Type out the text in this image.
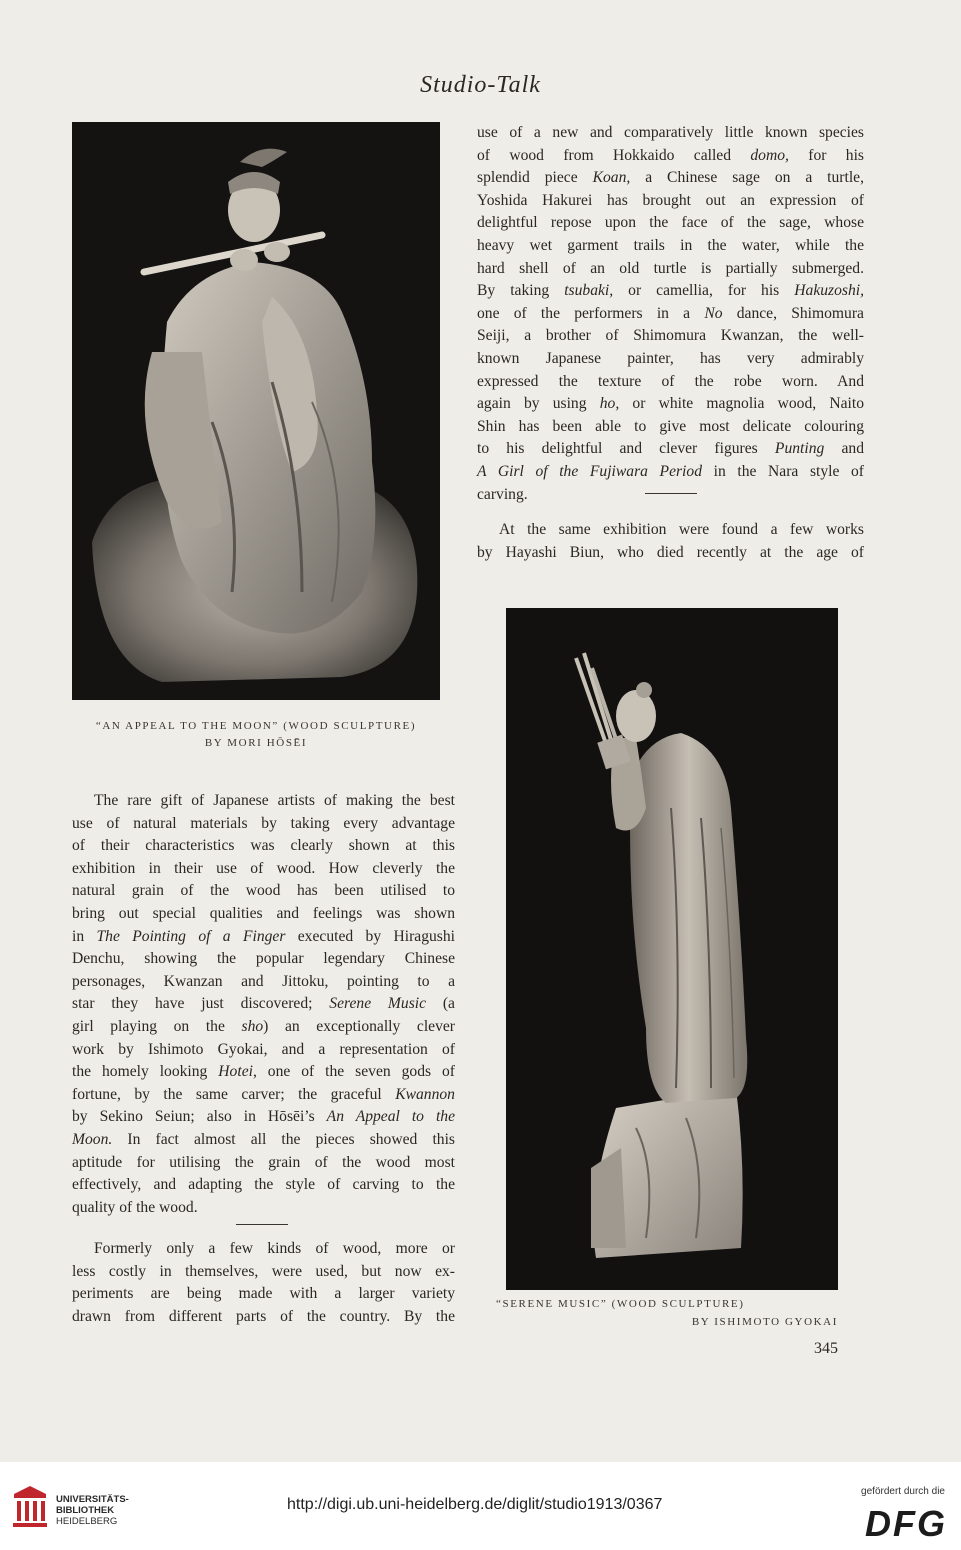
Studio-Talk
“AN APPEAL TO THE MOON” (WOOD SCULPTURE)
BY MORI HŌSĒI
use of a new and comparatively little known species
of wood from Hokkaido called domo, for his
splendid piece Koan, a Chinese sage on a turtle,
Yoshida Hakurei has brought out an expression of
delightful repose upon the face of the sage, whose
heavy wet garment trails in the water, while the
hard shell of an old turtle is partially submerged.
By taking tsubaki, or camellia, for his Hakuzoshi,
one of the performers in a No dance, Shimomura
Seiji, a brother of Shimomura Kwanzan, the well-
known Japanese painter, has very admirably
expressed the texture of the robe worn. And
again by using ho, or white magnolia wood, Naito
Shin has been able to give most delicate colouring
to his delightful and clever figures Punting and
A Girl of the Fujiwara Period in the Nara style of
carving.
At the same exhibition were found a few works
by Hayashi Biun, who died recently at the age of
“SERENE MUSIC” (WOOD SCULPTURE)
BY ISHIMOTO GYOKAI
The rare gift of Japanese artists of making the best
use of natural materials by taking every advantage
of their characteristics was clearly shown at this
exhibition in their use of wood. How cleverly the
natural grain of the wood has been utilised to
bring out special qualities and feelings was shown
in The Pointing of a Finger executed by Hiragushi
Denchu, showing the popular legendary Chinese
personages, Kwanzan and Jittoku, pointing to a
star they have just discovered; Serene Music (a
girl playing on the sho) an exceptionally clever
work by Ishimoto Gyokai, and a representation of
the homely looking Hotei, one of the seven gods of
fortune, by the same carver; the graceful Kwannon
by Sekino Seiun; also in Hōsēi’s An Appeal to the
Moon. In fact almost all the pieces showed this
aptitude for utilising the grain of the wood most
effectively, and adapting the style of carving to the
quality of the wood.
Formerly only a few kinds of wood, more or
less costly in themselves, were used, but now ex-
periments are being made with a larger variety
drawn from different parts of the country. By the
345
UNIVERSITÄTS-
BIBLIOTHEK
HEIDELBERG
http://digi.ub.uni-heidelberg.de/diglit/studio1913/0367
gefördert durch die
DFG
